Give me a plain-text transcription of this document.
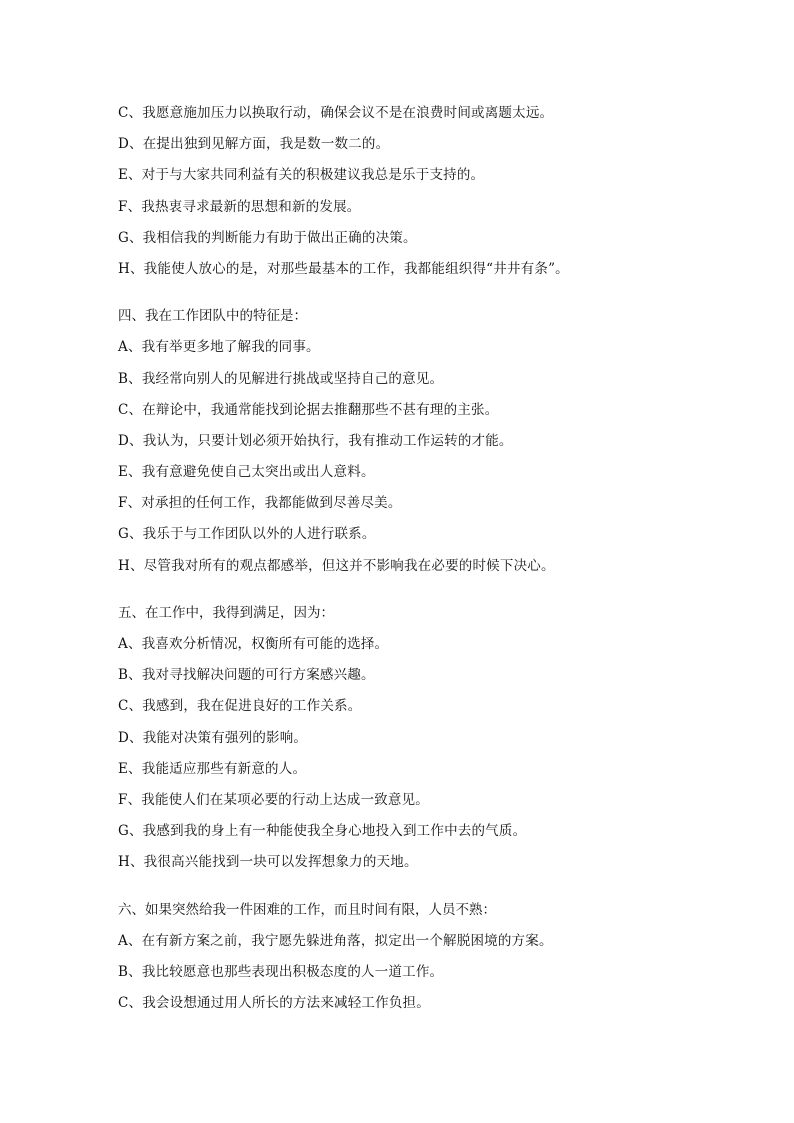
C、我愿意施加压力以换取行动，确保会议不是在浪费时间或离题太远。
D、在提出独到见解方面，我是数一数二的。
E、对于与大家共同利益有关的积极建议我总是乐于支持的。
F、我热衷寻求最新的思想和新的发展。
G、我相信我的判断能力有助于做出正确的决策。
H、我能使人放心的是，对那些最基本的工作，我都能组织得“井井有条”。
四、我在工作团队中的特征是：
A、我有举更多地了解我的同事。
B、我经常向别人的见解进行挑战或坚持自己的意见。
C、在辩论中，我通常能找到论据去推翻那些不甚有理的主张。
D、我认为，只要计划必须开始执行，我有推动工作运转的才能。
E、我有意避免使自己太突出或出人意料。
F、对承担的任何工作，我都能做到尽善尽美。
G、我乐于与工作团队以外的人进行联系。
H、尽管我对所有的观点都感举，但这并不影响我在必要的时候下决心。
五、在工作中，我得到满足，因为：
A、我喜欢分析情况，权衡所有可能的选择。
B、我对寻找解决问题的可行方案感兴趣。
C、我感到，我在促进良好的工作关系。
D、我能对决策有强列的影响。
E、我能适应那些有新意的人。
F、我能使人们在某项必要的行动上达成一致意见。
G、我感到我的身上有一种能使我全身心地投入到工作中去的气质。
H、我很高兴能找到一块可以发挥想象力的天地。
六、如果突然给我一件困难的工作，而且时间有限，人员不熟：
A、在有新方案之前，我宁愿先躲进角落，拟定出一个解脱困境的方案。
B、我比较愿意也那些表现出积极态度的人一道工作。
C、我会设想通过用人所长的方法来减轻工作负担。
